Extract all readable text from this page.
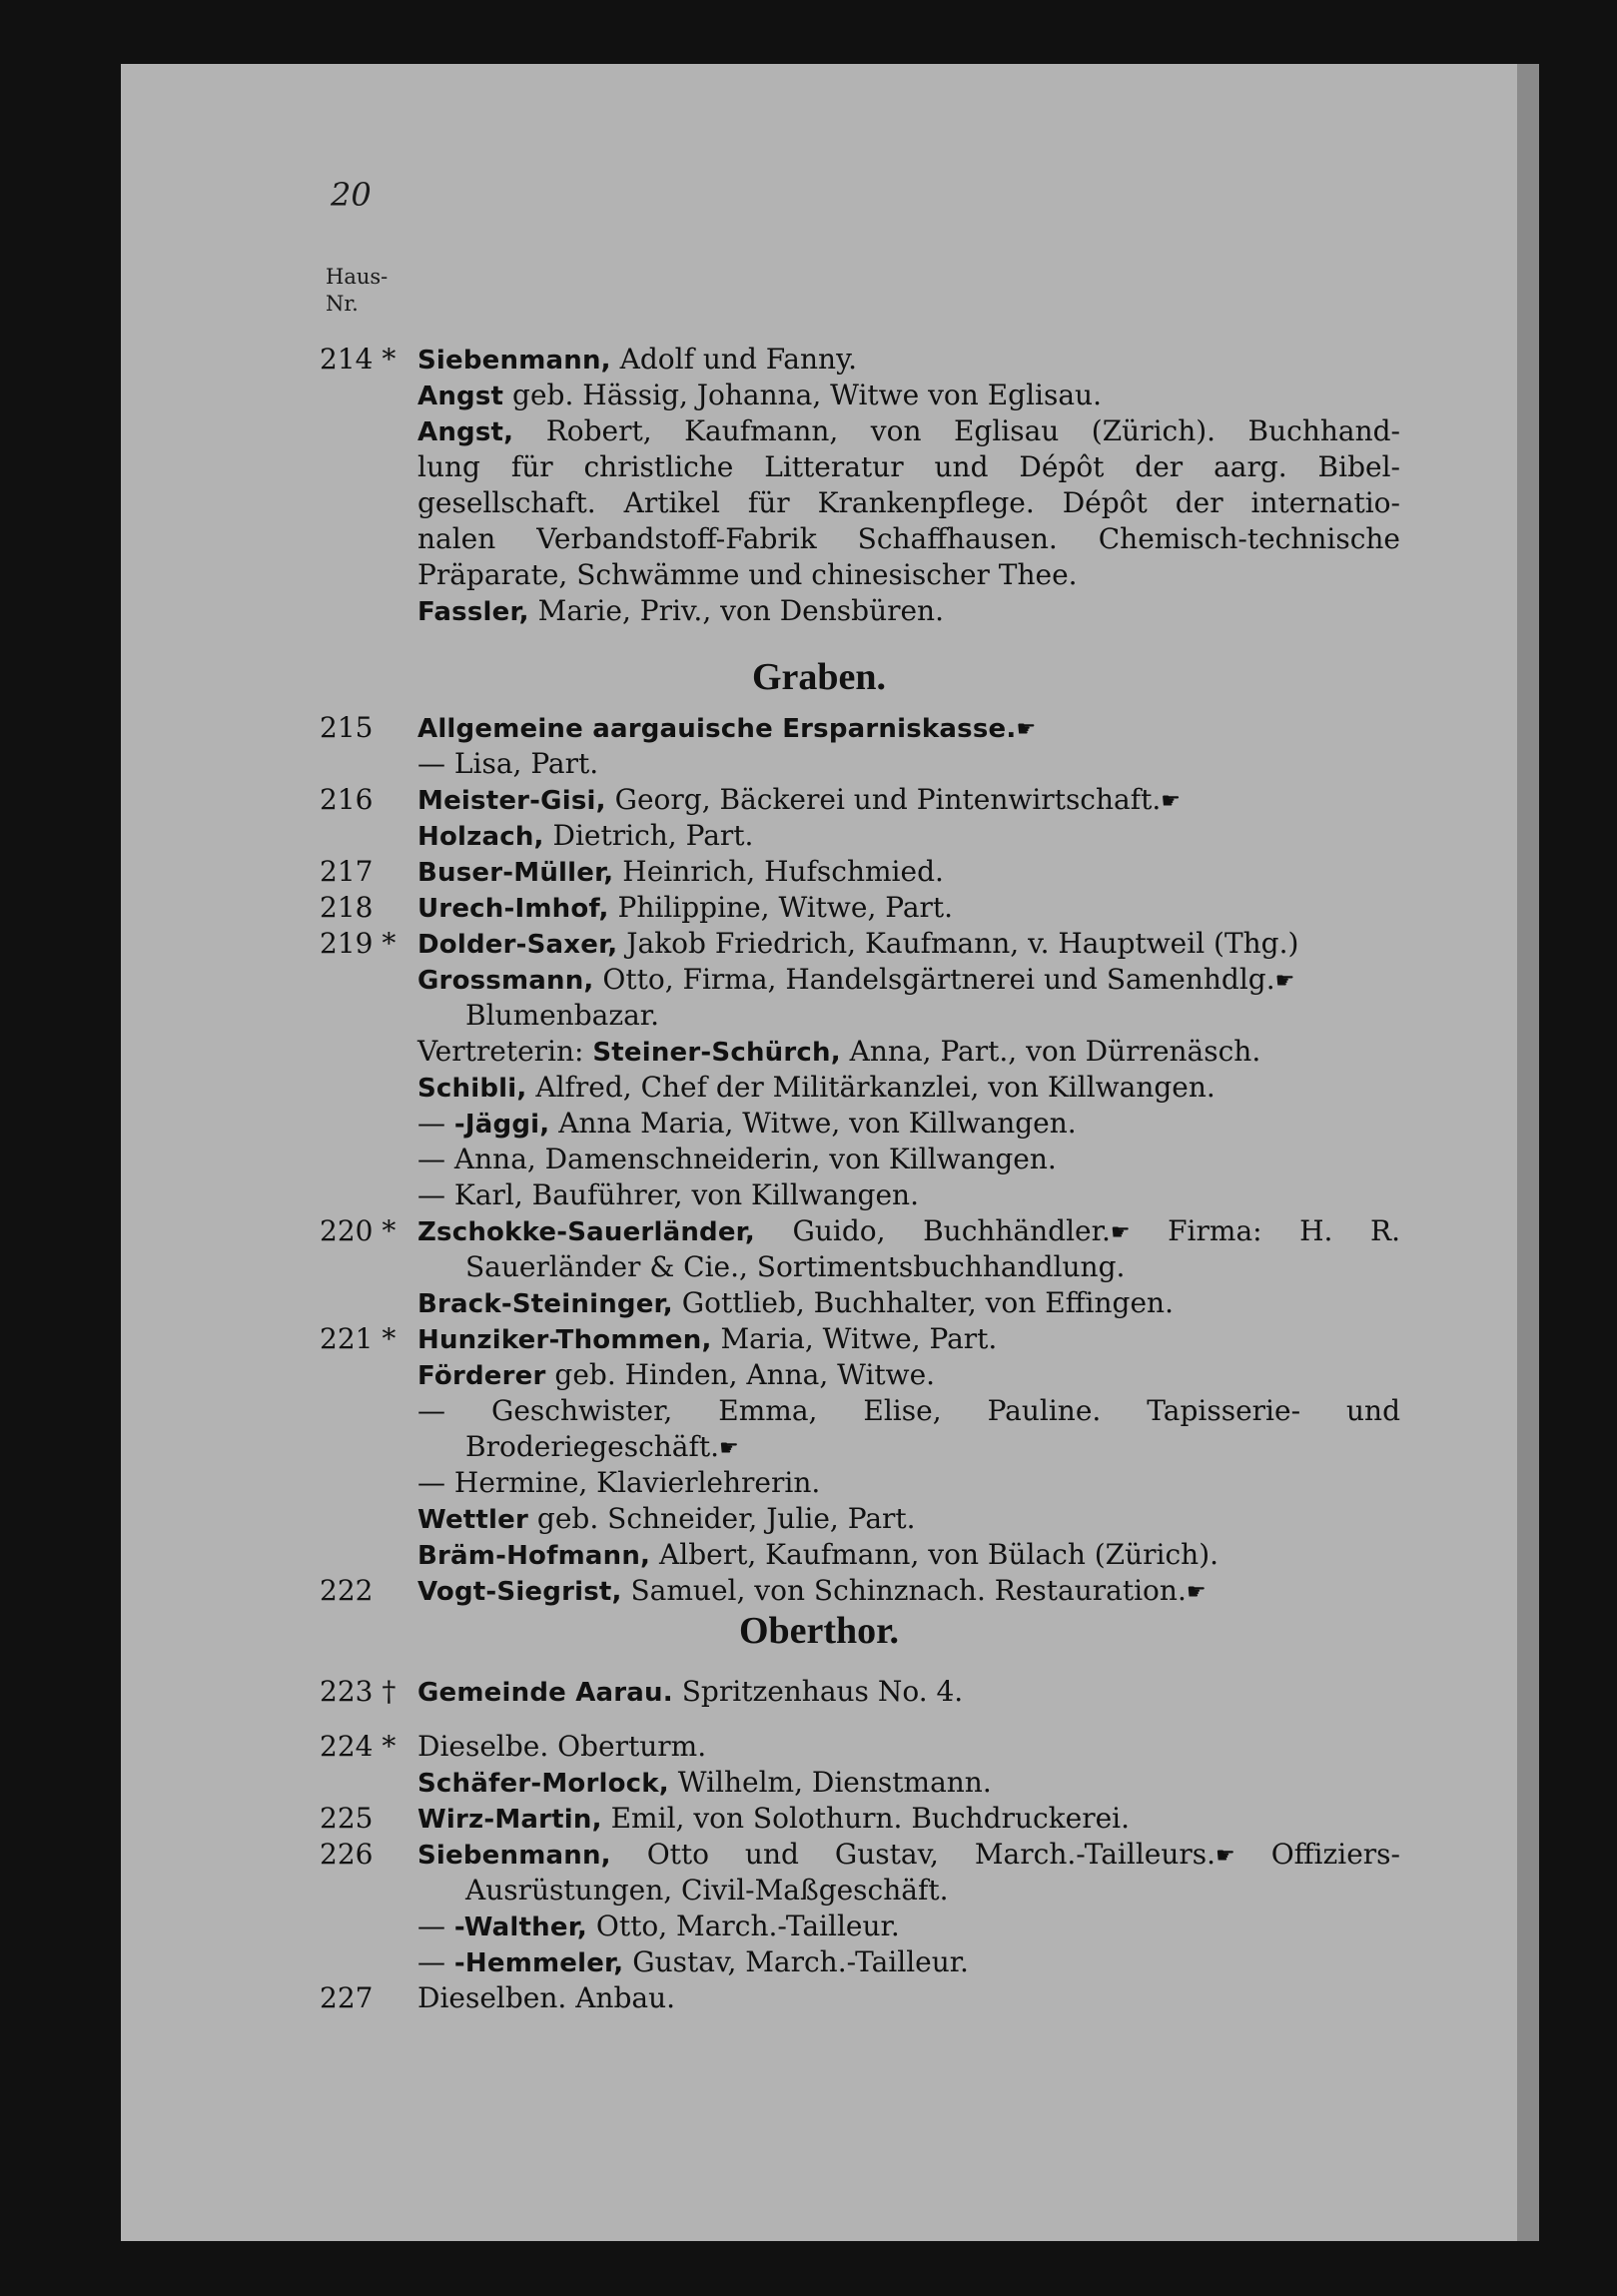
20
Haus-
Nr.
214 * Siebenmann, Adolf und Fanny.
Angst geb. Hässig, Johanna, Witwe von Eglisau.
Angst, Robert, Kaufmann, von Eglisau (Zürich). Buchhand-
lung für christliche Litteratur und Dépôt der aarg. Bibel-
gesellschaft. Artikel für Krankenpflege. Dépôt der internatio-
nalen Verbandstoff-Fabrik Schaffhausen. Chemisch-technische
Präparate, Schwämme und chinesischer Thee.
Fassler, Marie, Priv., von Densbüren.
Graben.
215	Allgemeine aargauische Ersparniskasse.☛
— Lisa, Part.
216	Meister-Gisi, Georg, Bäckerei und Pintenwirtschaft.☛
Holzach, Dietrich, Part.
217	Buser-Müller, Heinrich, Hufschmied.
218	Urech-Imhof, Philippine, Witwe, Part.
219 * Dolder-Saxer, Jakob Friedrich, Kaufmann, v. Hauptweil (Thg.)
Grossmann, Otto, Firma, Handelsgärtnerei und Samenhdlg.☛
Blumenbazar.
Vertreterin: Steiner-Schürch, Anna, Part., von Dürrenäsch.
Schibli, Alfred, Chef der Militärkanzlei, von Killwangen.
— -Jäggi, Anna Maria, Witwe, von Killwangen.
— Anna, Damenschneiderin, von Killwangen.
— Karl, Bauführer, von Killwangen.
220 * Zschokke-Sauerländer, Guido, Buchhändler.☛ Firma: H. R.
Sauerländer & Cie., Sortimentsbuchhandlung.
Brack-Steininger, Gottlieb, Buchhalter, von Effingen.
221 * Hunziker-Thommen, Maria, Witwe, Part.
Förderer geb. Hinden, Anna, Witwe.
— Geschwister, Emma, Elise, Pauline. Tapisserie- und
Broderiegeschäft.☛
— Hermine, Klavierlehrerin.
Wettler geb. Schneider, Julie, Part.
Bräm-Hofmann, Albert, Kaufmann, von Bülach (Zürich).
222	Vogt-Siegrist, Samuel, von Schinznach. Restauration.☛
Oberthor.
223 † Gemeinde Aarau. Spritzenhaus No. 4.
224 * Dieselbe. Oberturm.
Schäfer-Morlock, Wilhelm, Dienstmann.
225	Wirz-Martin, Emil, von Solothurn. Buchdruckerei.
226	Siebenmann, Otto und Gustav, March.-Tailleurs.☛ Offiziers-
Ausrüstungen, Civil-Maßgeschäft.
— -Walther, Otto, March.-Tailleur.
— -Hemmeler, Gustav, March.-Tailleur.
227	Dieselben. Anbau.
